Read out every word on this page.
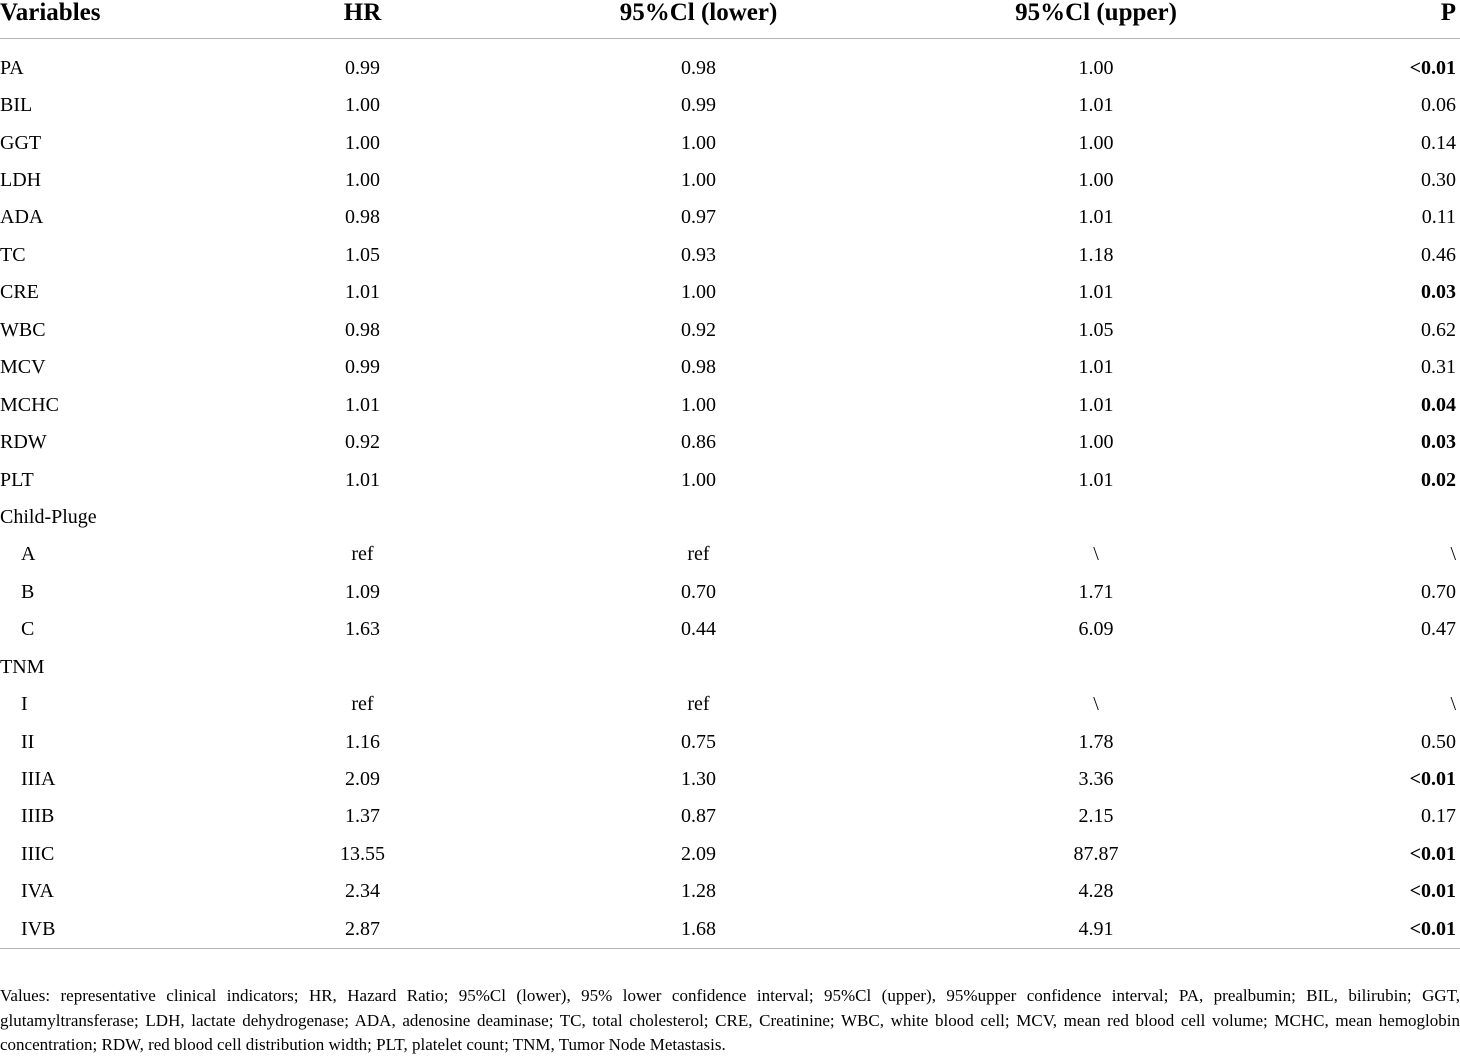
Variables	HR	95%Cl (lower)	95%Cl (upper)	P

PA	0.99	0.98	1.00	<0.01
BIL	1.00	0.99	1.01	0.06
GGT	1.00	1.00	1.00	0.14
LDH	1.00	1.00	1.00	0.30
ADA	0.98	0.97	1.01	0.11
TC	1.05	0.93	1.18	0.46
CRE	1.01	1.00	1.01	0.03
WBC	0.98	0.92	1.05	0.62
MCV	0.99	0.98	1.01	0.31
MCHC	1.01	1.00	1.01	0.04
RDW	0.92	0.86	1.00	0.03
PLT	1.01	1.00	1.01	0.02
Child-Pluge				
A	ref	ref	\	\
B	1.09	0.70	1.71	0.70
C	1.63	0.44	6.09	0.47
TNM				
I	ref	ref	\	\
II	1.16	0.75	1.78	0.50
IIIA	2.09	1.30	3.36	<0.01
IIIB	1.37	0.87	2.15	0.17
IIIC	13.55	2.09	87.87	<0.01
IVA	2.34	1.28	4.28	<0.01
IVB	2.87	1.68	4.91	<0.01
Values: representative clinical indicators; HR, Hazard Ratio; 95%Cl (lower), 95% lower confidence interval; 95%Cl (upper), 95%upper confidence interval; PA, prealbumin; BIL, bilirubin; GGT, glutamyltransferase; LDH, lactate dehydrogenase; ADA, adenosine deaminase; TC, total cholesterol; CRE, Creatinine; WBC, white blood cell; MCV, mean red blood cell volume; MCHC, mean hemoglobin concentration; RDW, red blood cell distribution width; PLT, platelet count; TNM, Tumor Node Metastasis.
